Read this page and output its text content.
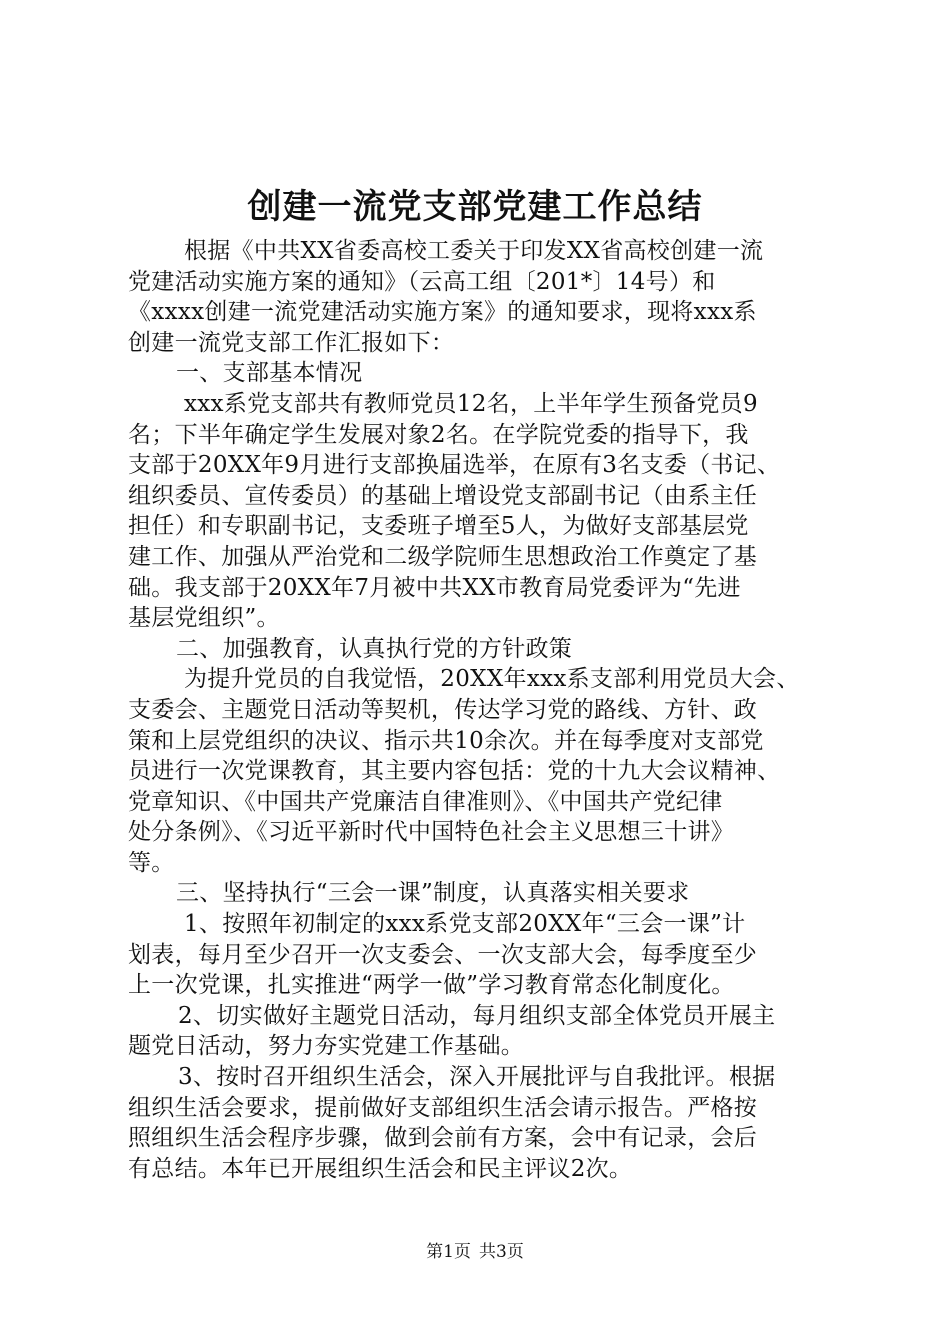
创建一流党支部党建工作总结
根据《中共XX省委高校工委关于印发XX省高校创建一流
党建活动实施方案的通知》（云高工组〔201*〕14号）和
《xxxx创建一流党建活动实施方案》的通知要求，现将xxx系
创建一流党支部工作汇报如下：
一、支部基本情况
xxx系党支部共有教师党员12名，上半年学生预备党员9
名；下半年确定学生发展对象2名。在学院党委的指导下，我
支部于20XX年9月进行支部换届选举，在原有3名支委（书记、
组织委员、宣传委员）的基础上增设党支部副书记（由系主任
担任）和专职副书记，支委班子增至5人，为做好支部基层党
建工作、加强从严治党和二级学院师生思想政治工作奠定了基
础。我支部于20XX年7月被中共XX市教育局党委评为“先进
基层党组织”。
二、加强教育，认真执行党的方针政策
为提升党员的自我觉悟，20XX年xxx系支部利用党员大会、
支委会、主题党日活动等契机，传达学习党的路线、方针、政
策和上层党组织的决议、指示共10余次。并在每季度对支部党
员进行一次党课教育，其主要内容包括：党的十九大会议精神、
党章知识、《中国共产党廉洁自律准则》、《中国共产党纪律
处分条例》、《习近平新时代中国特色社会主义思想三十讲》
等。
三、坚持执行“三会一课”制度，认真落实相关要求
1、按照年初制定的xxx系党支部20XX年“三会一课”计
划表，每月至少召开一次支委会、一次支部大会，每季度至少
上一次党课，扎实推进“两学一做”学习教育常态化制度化。
2、切实做好主题党日活动，每月组织支部全体党员开展主
题党日活动，努力夯实党建工作基础。
3、按时召开组织生活会，深入开展批评与自我批评。根据
组织生活会要求，提前做好支部组织生活会请示报告。严格按
照组织生活会程序步骤，做到会前有方案，会中有记录，会后
有总结。本年已开展组织生活会和民主评议2次。
第1页 共3页
